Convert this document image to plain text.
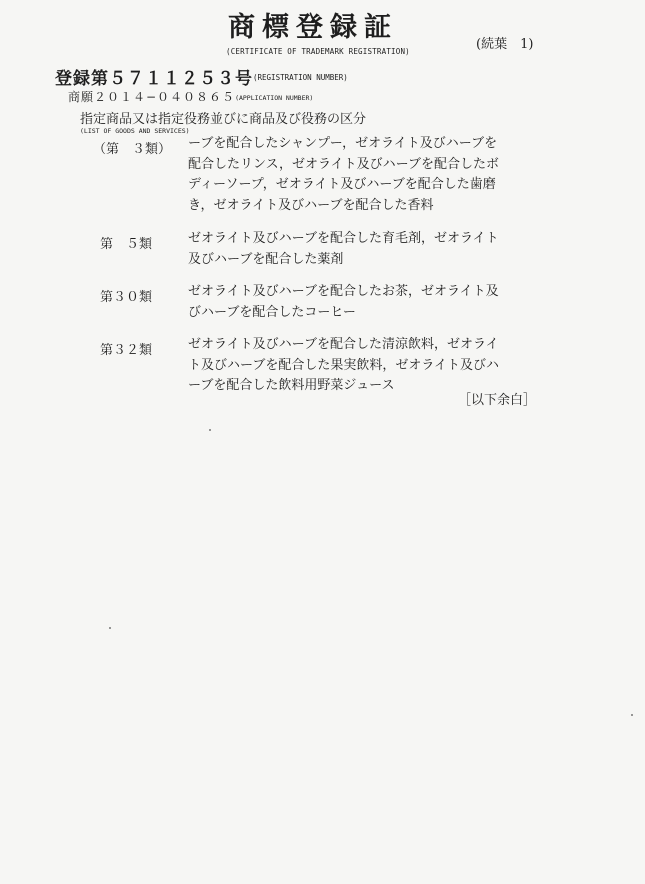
商標登録証
(CERTIFICATE OF TRADEMARK REGISTRATION)	(続葉　1)
登録第５７１１２５３号$^{(REGISTRATION NUMBER)}$
商願２０１４−０４０８６５(APPLICATION NUMBER)
指定商品又は指定役務並びに商品及び役務の区分
(LIST OF GOODS AND SERVICES)
（第　３類） ーブを配合したシャンプー，ゼオライト及びハーブを
配合したリンス，ゼオライト及びハーブを配合したボ
ディーソープ，ゼオライト及びハーブを配合した歯磨
き，ゼオライト及びハーブを配合した香料
第　５類	ゼオライト及びハーブを配合した育毛剤，ゼオライト
及びハーブを配合した薬剤
第３０類	ゼオライト及びハーブを配合したお茶，ゼオライト及
びハーブを配合したコーヒー
第３２類	ゼオライト及びハーブを配合した清涼飲料，ゼオライ
ト及びハーブを配合した果実飲料，ゼオライト及びハ
ーブを配合した飲料用野菜ジュース
［以下余白］
